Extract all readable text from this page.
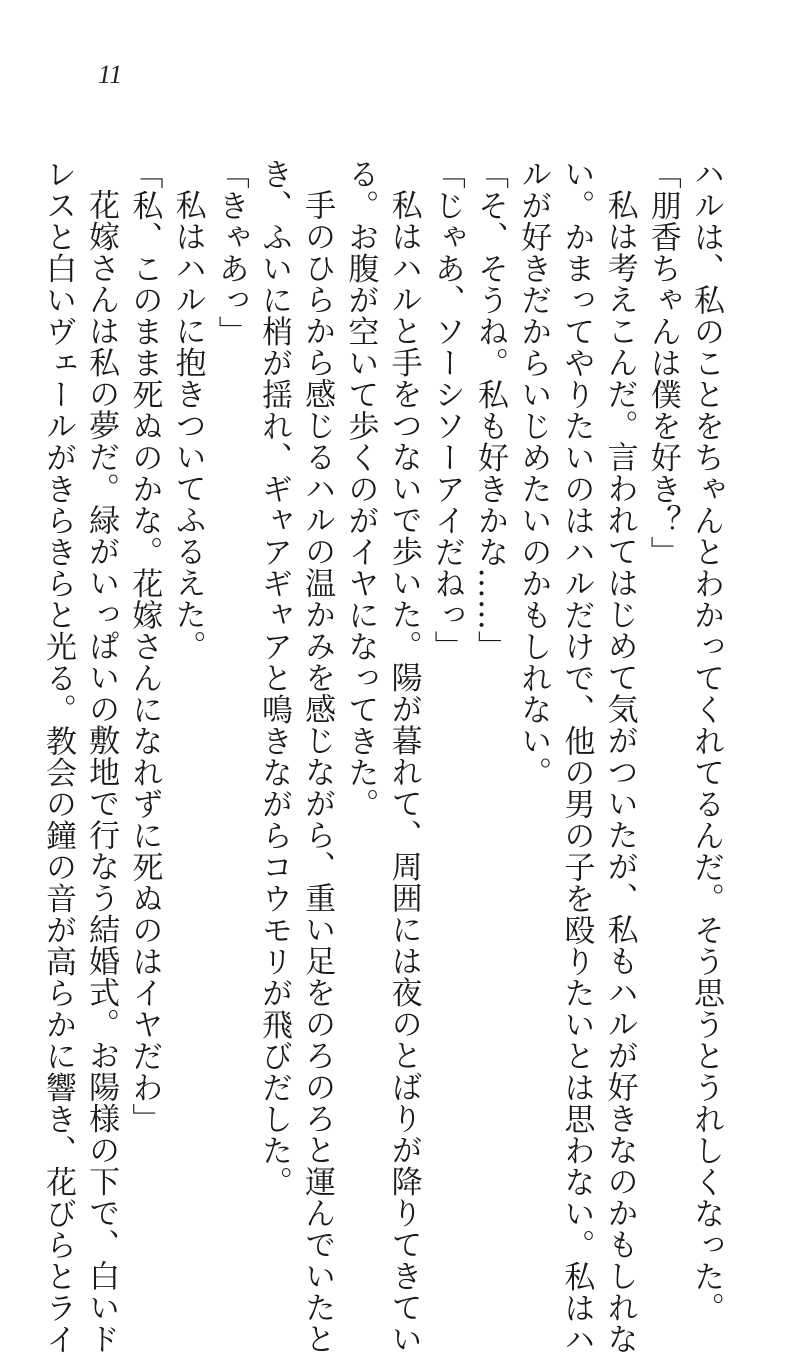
11
ハルは、私のことをちゃんとわかってくれてるんだ。そう思うとうれしくなった。
「朋香ちゃんは僕を好き？」
私は考えこんだ。言われてはじめて気がついたが、私もハルが好きなのかもしれな
い。かまってやりたいのはハルだけで、他の男の子を殴りたいとは思わない。私はハ
ルが好きだからいじめたいのかもしれない。
「そ、そうね。私も好きかな……」
「じゃあ、ソーシソーアイだねっ」
私はハルと手をつないで歩いた。陽が暮れて、周囲には夜のとばりが降りてきてい
る。お腹が空いて歩くのがイヤになってきた。
手のひらから感じるハルの温かみを感じながら、重い足をのろのろと運んでいたと
き、ふいに梢が揺れ、ギャアギャアと鳴きながらコウモリが飛びだした。
「きゃあっ」
私はハルに抱きついてふるえた。
「私、このまま死ぬのかな。花嫁さんになれずに死ぬのはイヤだわ」
花嫁さんは私の夢だ。緑がいっぱいの敷地で行なう結婚式。お陽様の下で、白いド
レスと白いヴェールがきらきらと光る。教会の鐘の音が高らかに響き、花びらとライ
